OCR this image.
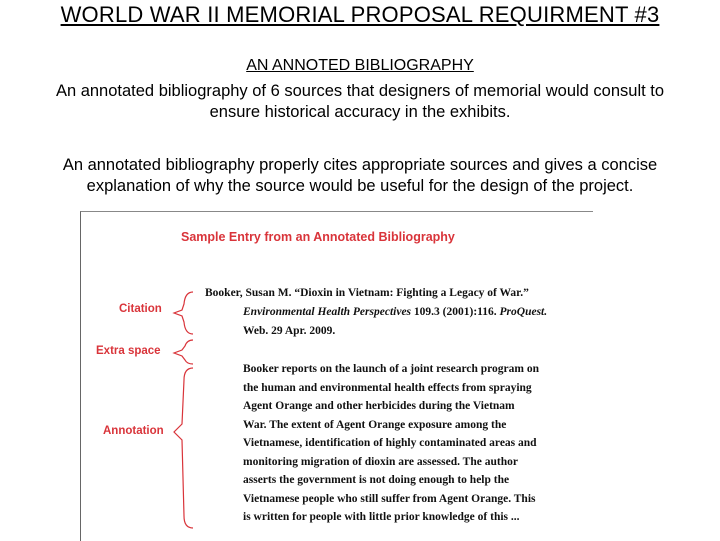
WORLD WAR II MEMORIAL PROPOSAL REQUIRMENT #3
AN ANNOTED BIBLIOGRAPHY
An annotated bibliography of 6 sources that designers of memorial would consult to
ensure historical accuracy in the exhibits.
An annotated bibliography properly cites appropriate sources and gives a concise
explanation of why the source would be useful for the design of the project.
Sample Entry from an Annotated Bibliography
Citation
Extra space
Annotation
Booker, Susan M. “Dioxin in Vietnam: Fighting a Legacy of War.”
Environmental Health Perspectives 109.3 (2001):116. ProQuest.
Web. 29 Apr. 2009.
Booker reports on the launch of a joint research program on
the human and environmental health effects from spraying
Agent Orange and other herbicides during the Vietnam
War. The extent of Agent Orange exposure among the
Vietnamese, identification of highly contaminated areas and
monitoring migration of dioxin are assessed. The author
asserts the government is not doing enough to help the
Vietnamese people who still suffer from Agent Orange. This
is written for people with little prior knowledge of this ...
